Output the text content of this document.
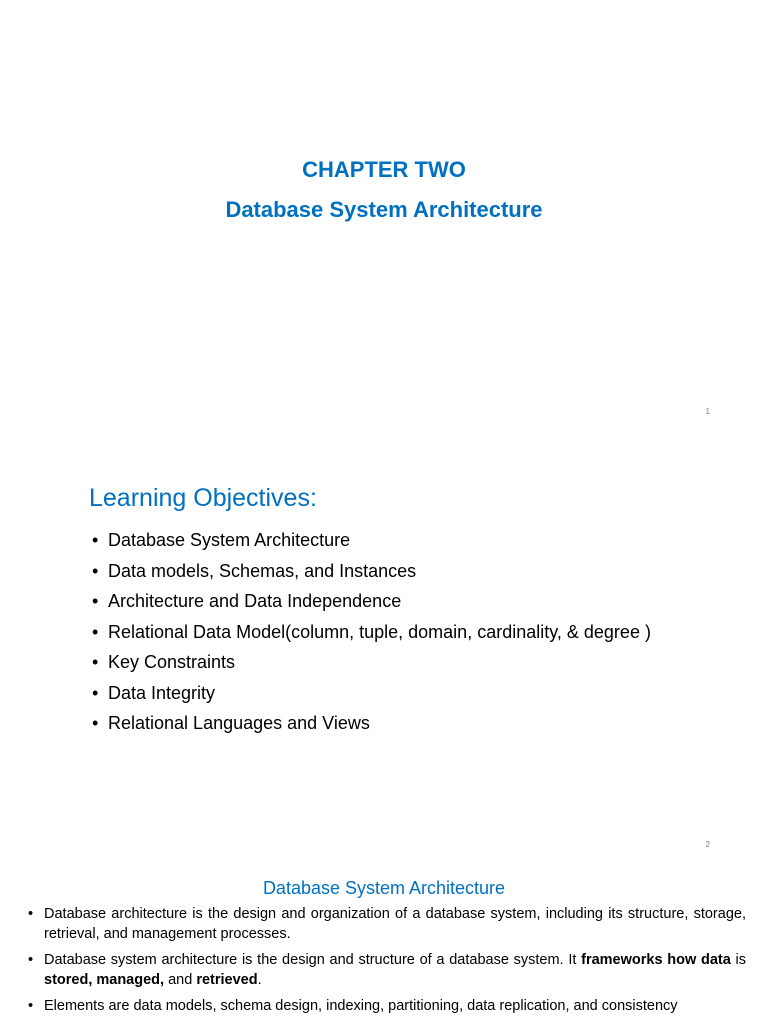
CHAPTER TWO
Database System Architecture
1
Learning Objectives:
• Database System Architecture
• Data models, Schemas, and Instances
• Architecture and Data Independence
• Relational Data Model(column, tuple, domain, cardinality, & degree )
• Key Constraints
• Data Integrity
• Relational Languages and Views
2
Database System Architecture
• Database architecture is the design and organization of a database system, including its structure, storage, retrieval, and management processes.
• Database system architecture is the design and structure of a database system. It frameworks how data is stored, managed, and retrieved.
• Elements are data models, schema design, indexing, partitioning, data replication, and consistency
